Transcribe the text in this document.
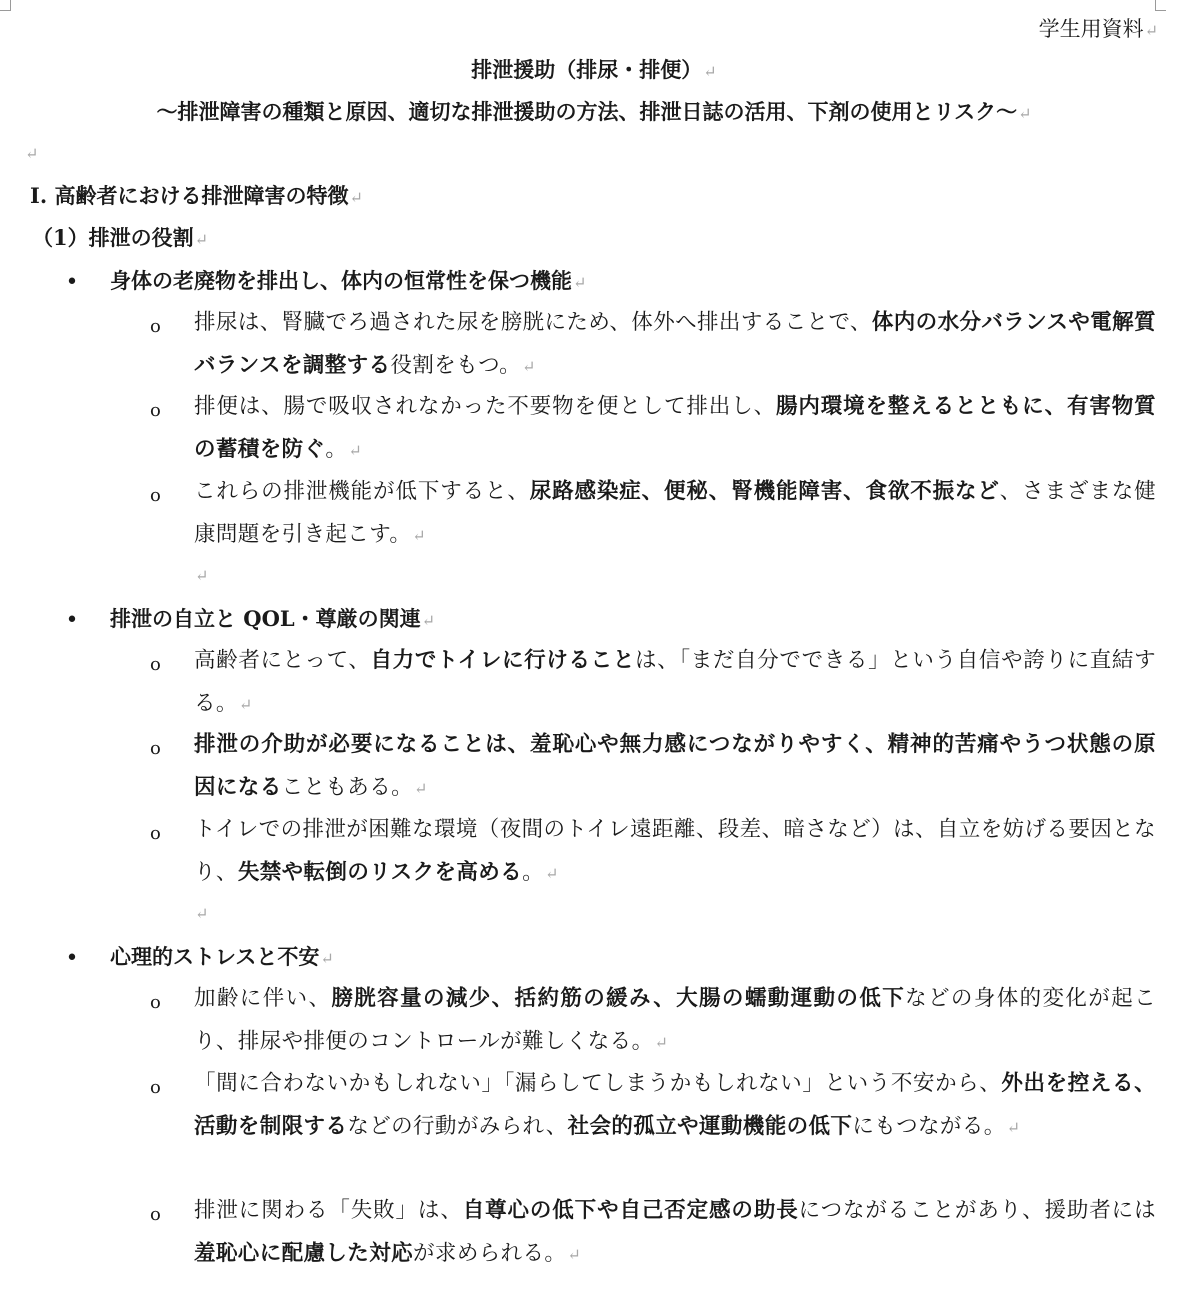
学生用資料 ↵
排泄援助（排尿・排便） ↵
～排泄障害の種類と原因、適切な排泄援助の方法、排泄日誌の活用、下剤の使用とリスク～ ↵
↵
Ⅰ. 高齢者における排泄障害の特徴 ↵
（1）排泄の役割 ↵
• 身体の老廃物を排出し、体内の恒常性を保つ機能 ↵
o 排尿は、腎臓でろ過された尿を膀胱にため、体外へ排出することで、体内の水分バランスや電解質バランスを調整する役割をもつ。 ↵
o 排便は、腸で吸収されなかった不要物を便として排出し、腸内環境を整えるとともに、有害物質の蓄積を防ぐ。 ↵
o これらの排泄機能が低下すると、尿路感染症、便秘、腎機能障害、食欲不振など、さまざまな健康問題を引き起こす。 ↵
↵
• 排泄の自立と QOL・尊厳の関連 ↵
o 高齢者にとって、自力でトイレに行けることは、「まだ自分でできる」という自信や誇りに直結する。 ↵
o 排泄の介助が必要になることは、羞恥心や無力感につながりやすく、精神的苦痛やうつ状態の原因になることもある。 ↵
o トイレでの排泄が困難な環境（夜間のトイレ遠距離、段差、暗さなど）は、自立を妨げる要因となり、失禁や転倒のリスクを高める。 ↵
↵
• 心理的ストレスと不安 ↵
o 加齢に伴い、膀胱容量の減少、括約筋の緩み、大腸の蠕動運動の低下などの身体的変化が起こり、排尿や排便のコントロールが難しくなる。 ↵
o 「間に合わないかもしれない」「漏らしてしまうかもしれない」という不安から、外出を控える、活動を制限するなどの行動がみられ、社会的孤立や運動機能の低下にもつながる。 ↵
o 排泄に関わる「失敗」は、自尊心の低下や自己否定感の助長につながることがあり、援助者には羞恥心に配慮した対応が求められる。 ↵
